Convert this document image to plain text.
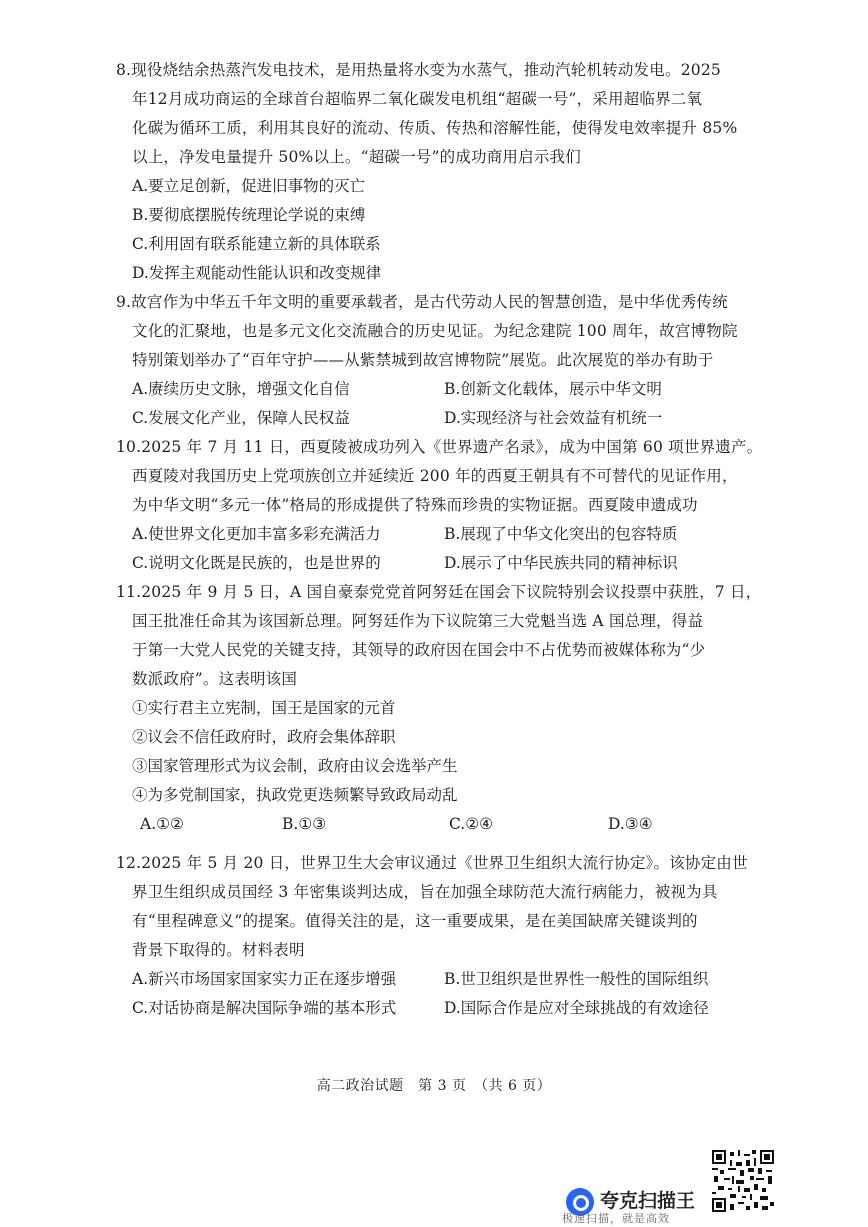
8.现役烧结余热蒸汽发电技术，是用热量将水变为水蒸气，推动汽轮机转动发电。2025
年12月成功商运的全球首台超临界二氧化碳发电机组“超碳一号”，采用超临界二氧
化碳为循环工质，利用其良好的流动、传质、传热和溶解性能，使得发电效率提升 85%
以上，净发电量提升 50%以上。“超碳一号”的成功商用启示我们
A.要立足创新，促进旧事物的灭亡
B.要彻底摆脱传统理论学说的束缚
C.利用固有联系能建立新的具体联系
D.发挥主观能动性能认识和改变规律
9.故宫作为中华五千年文明的重要承载者，是古代劳动人民的智慧创造，是中华优秀传统
文化的汇聚地，也是多元文化交流融合的历史见证。为纪念建院 100 周年，故宫博物院
特别策划举办了“百年守护——从紫禁城到故宫博物院”展览。此次展览的举办有助于
A.赓续历史文脉，增强文化自信	B.创新文化载体，展示中华文明
C.发展文化产业，保障人民权益	D.实现经济与社会效益有机统一
10.2025 年 7 月 11 日，西夏陵被成功列入《世界遗产名录》，成为中国第 60 项世界遗产。
西夏陵对我国历史上党项族创立并延续近 200 年的西夏王朝具有不可替代的见证作用，
为中华文明“多元一体”格局的形成提供了特殊而珍贵的实物证据。西夏陵申遗成功
A.使世界文化更加丰富多彩充满活力	B.展现了中华文化突出的包容特质
C.说明文化既是民族的，也是世界的	D.展示了中华民族共同的精神标识
11.2025 年 9 月 5 日，A 国自豪泰党党首阿努廷在国会下议院特别会议投票中获胜，7 日，
国王批准任命其为该国新总理。阿努廷作为下议院第三大党魁当选 A 国总理，得益
于第一大党人民党的关键支持，其领导的政府因在国会中不占优势而被媒体称为“少
数派政府”。这表明该国
①实行君主立宪制，国王是国家的元首
②议会不信任政府时，政府会集体辞职
③国家管理形式为议会制，政府由议会选举产生
④为多党制国家，执政党更迭频繁导致政局动乱
A.①②	B.①③	C.②④	D.③④
12.2025 年 5 月 20 日，世界卫生大会审议通过《世界卫生组织大流行协定》。该协定由世
界卫生组织成员国经 3 年密集谈判达成，旨在加强全球防范大流行病能力，被视为具
有“里程碑意义”的提案。值得关注的是，这一重要成果，是在美国缺席关键谈判的
背景下取得的。材料表明
A.新兴市场国家国家实力正在逐步增强	B.世卫组织是世界性一般性的国际组织
C.对话协商是解决国际争端的基本形式	D.国际合作是应对全球挑战的有效途径
高二政治试题　第 3 页　（共 6 页）
夸克扫描王
极速扫描，就是高效
